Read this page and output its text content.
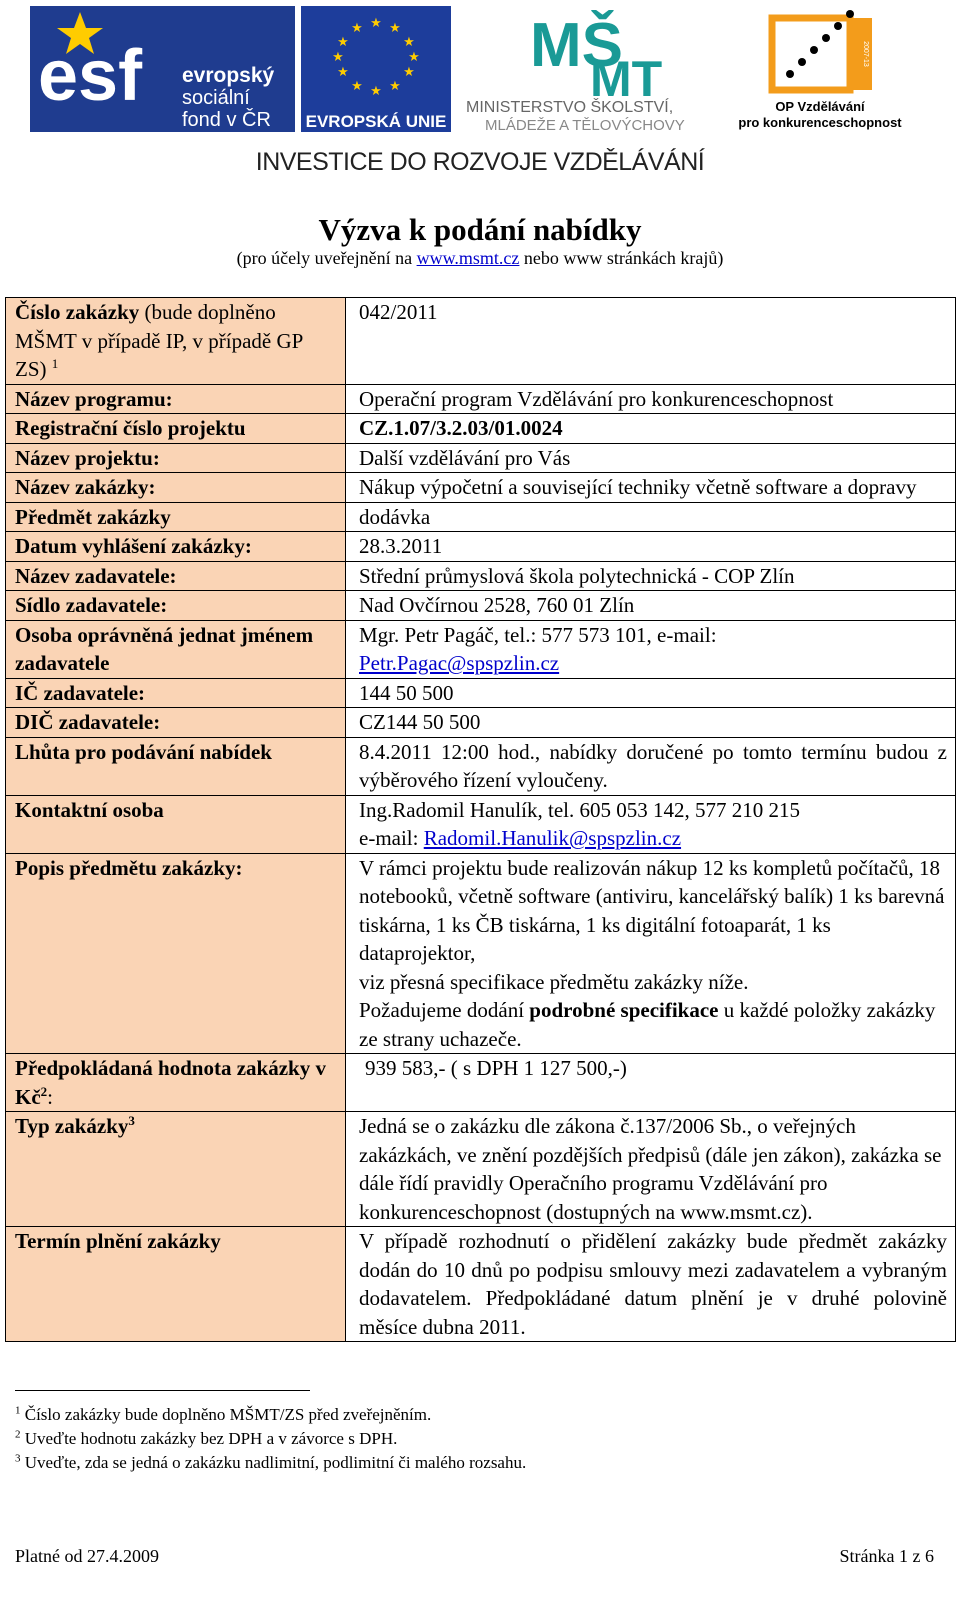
esf evropský
sociální
fond v ČR
★ ★
★
★
★
★
★
★
★
★
★
★
EVROPSKÁ UNIE
MŠ
MT
MINISTERSTVO ŠKOLSTVÍ,
MLÁDEŽE A TĚLOVÝCHOVY
2007-13
OP Vzdělávání
pro konkurenceschopnost
INVESTICE DO ROZVOJE VZDĚLÁVÁNÍ
Výzva k podání nabídky
(pro účely uveřejnění na www.msmt.cz nebo www stránkách krajů)
Číslo zakázky (bude doplněno MŠMT v případě IP, v případě GP ZS) $^1$	042/2011
Název programu:	Operační program Vzdělávání pro konkurenceschopnost
Registrační číslo projektu	CZ.1.07/3.2.03/01.0024
Název projektu:	Další vzdělávání pro Vás
Název zakázky:	Nákup výpočetní a související techniky včetně software a dopravy
Předmět zakázky	dodávka
Datum vyhlášení zakázky:	28.3.2011
Název zadavatele:	Střední průmyslová škola polytechnická - COP Zlín
Sídlo zadavatele:	Nad Ovčírnou 2528, 760 01 Zlín
Osoba oprávněná jednat jménem zadavatele	Mgr. Petr Pagáč, tel.: 577 573 101, e-mail:
Petr.Pagac@spspzlin.cz
IČ zadavatele:	144 50 500
DIČ zadavatele:	CZ144 50 500
Lhůta pro podávání nabídek	8.4.2011 12:00 hod., nabídky doručené po tomto termínu budou z výběrového řízení vyloučeny.
Kontaktní osoba	Ing.Radomil Hanulík, tel. 605 053 142, 577 210 215
e-mail: Radomil.Hanulik@spspzlin.cz
Popis předmětu zakázky:	V rámci projektu bude realizován nákup 12 ks kompletů počítačů, 18 notebooků, včetně software (antiviru, kancelářský balík) 1 ks barevná tiskárna, 1 ks ČB tiskárna, 1 ks digitální fotoaparát, 1 ks dataprojektor,
viz přesná specifikace předmětu zakázky níže.
Požadujeme dodání podrobné specifikace u každé položky zakázky ze strany uchazeče.
Předpokládaná hodnota zakázky v $Kč^2$:	939 583,- ( s DPH 1 127 500,-)
Typ zakázky$^3$	Jedná se o zakázku dle zákona č.137/2006 Sb., o veřejných zakázkách, ve znění pozdějších předpisů (dále jen zákon), zakázka se dále řídí pravidly Operačního programu Vzdělávání pro konkurenceschopnost (dostupných na www.msmt.cz).
Termín plnění zakázky	V případě rozhodnutí o přidělení zakázky bude předmět zakázky dodán do 10 dnů po podpisu smlouvy mezi zadavatelem a vybraným dodavatelem. Předpokládané datum plnění je v druhé polovině měsíce dubna 2011.
$^1$ Číslo zakázky bude doplněno MŠMT/ZS před zveřejněním.
$^2$ Uveďte hodnotu zakázky bez DPH a v závorce s DPH.
$^3$ Uveďte, zda se jedná o zakázku nadlimitní, podlimitní či malého rozsahu.
Platné od 27.4.2009	Stránka 1 z 6
